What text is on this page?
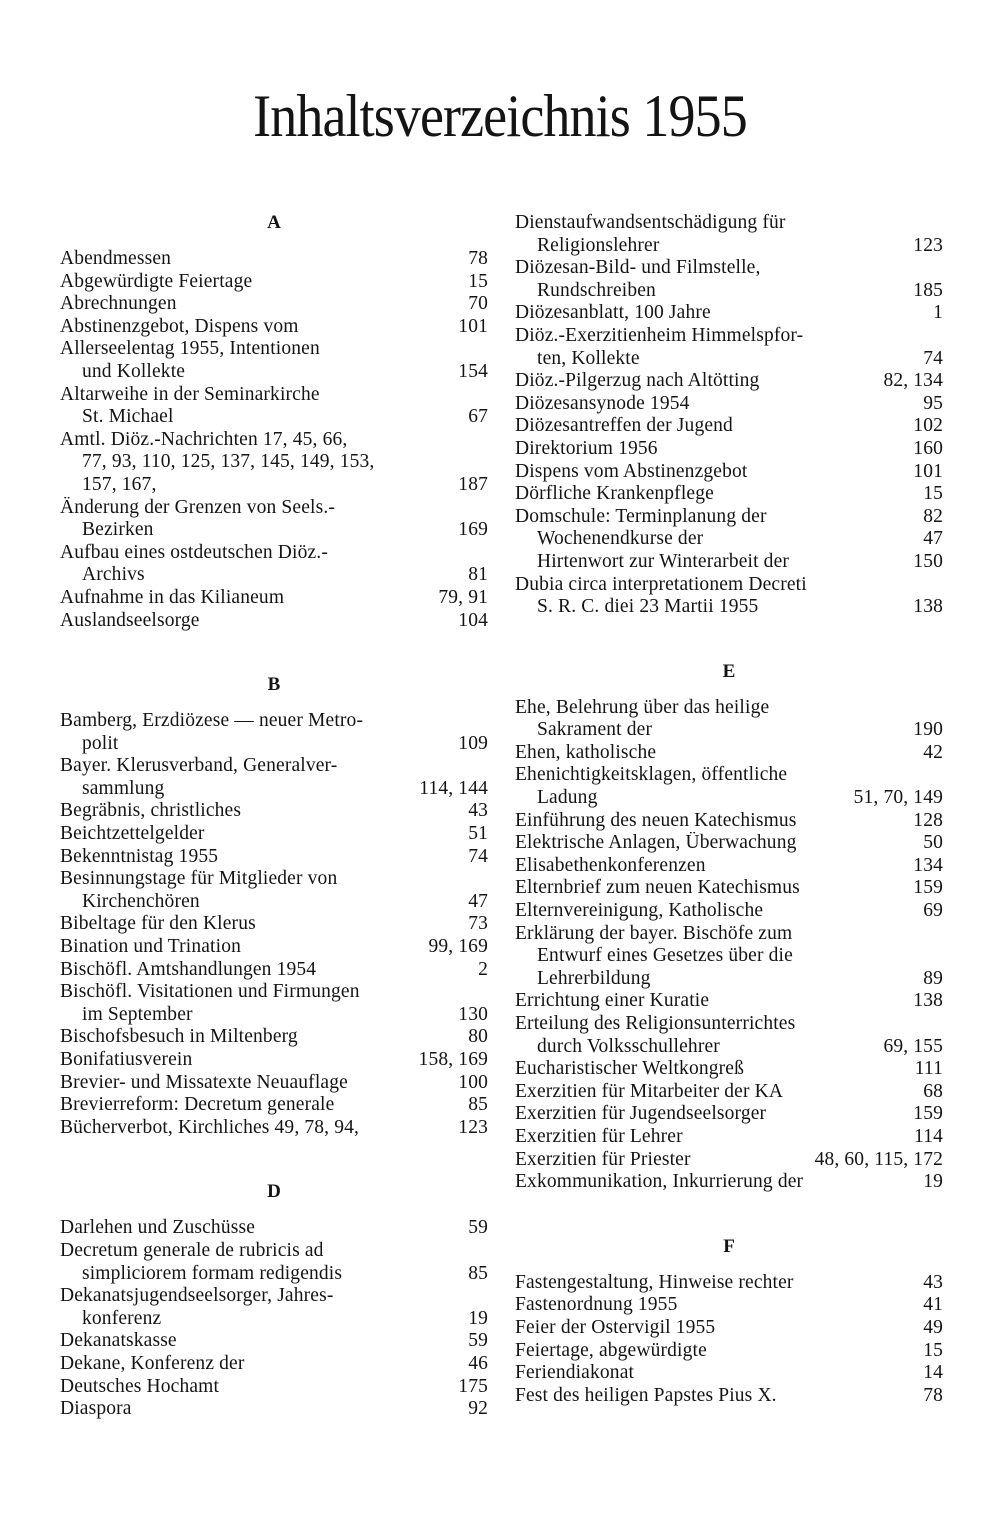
Inhaltsverzeichnis 1955
A
Abendmessen	78
Abgewürdigte Feiertage	15
Abrechnungen	70
Abstinenzgebot, Dispens vom	101
Allerseelentag 1955, Intentionen
und Kollekte	154
Altarweihe in der Seminarkirche
St. Michael	67
Amtl. Diöz.-Nachrichten 17, 45, 66,
77, 93, 110, 125, 137, 145, 149, 153,
157, 167,	187
Änderung der Grenzen von Seels.-
Bezirken	169
Aufbau eines ostdeutschen Diöz.-
Archivs	81
Aufnahme in das Kilianeum	79, 91
Auslandseelsorge	104
B
Bamberg, Erzdiözese — neuer Metro-
polit	109
Bayer. Klerusverband, Generalver-
sammlung	114, 144
Begräbnis, christliches	43
Beichtzettelgelder	51
Bekenntnistag 1955	74
Besinnungstage für Mitglieder von
Kirchenchören	47
Bibeltage für den Klerus	73
Bination und Trination	99, 169
Bischöfl. Amtshandlungen 1954	2
Bischöfl. Visitationen und Firmungen
im September	130
Bischofsbesuch in Miltenberg	80
Bonifatiusverein	158, 169
Brevier- und Missatexte Neuauflage	100
Brevierreform: Decretum generale	85
Bücherverbot, Kirchliches 49, 78, 94,	123
D
Darlehen und Zuschüsse	59
Decretum generale de rubricis ad
simpliciorem formam redigendis	85
Dekanatsjugendseelsorger, Jahres-
konferenz	19
Dekanatskasse	59
Dekane, Konferenz der	46
Deutsches Hochamt	175
Diaspora	92
Dienstaufwandsentschädigung für
Religionslehrer	123
Diözesan-Bild- und Filmstelle,
Rundschreiben	185
Diözesanblatt, 100 Jahre	1
Diöz.-Exerzitienheim Himmelspfor-
ten, Kollekte	74
Diöz.-Pilgerzug nach Altötting	82, 134
Diözesansynode 1954	95
Diözesantreffen der Jugend	102
Direktorium 1956	160
Dispens vom Abstinenzgebot	101
Dörfliche Krankenpflege	15
Domschule: Terminplanung der	82
Wochenendkurse der	47
Hirtenwort zur Winterarbeit der	150
Dubia circa interpretationem Decreti
S. R. C. diei 23 Martii 1955	138
E
Ehe, Belehrung über das heilige
Sakrament der	190
Ehen, katholische	42
Ehenichtigkeitsklagen, öffentliche
Ladung	51, 70, 149
Einführung des neuen Katechismus	128
Elektrische Anlagen, Überwachung	50
Elisabethenkonferenzen	134
Elternbrief zum neuen Katechismus	159
Elternvereinigung, Katholische	69
Erklärung der bayer. Bischöfe zum
Entwurf eines Gesetzes über die
Lehrerbildung	89
Errichtung einer Kuratie	138
Erteilung des Religionsunterrichtes
durch Volksschullehrer	69, 155
Eucharistischer Weltkongreß	111
Exerzitien für Mitarbeiter der KA	68
Exerzitien für Jugendseelsorger	159
Exerzitien für Lehrer	114
Exerzitien für Priester	48, 60, 115, 172
Exkommunikation, Inkurrierung der	19
F
Fastengestaltung, Hinweise rechter	43
Fastenordnung 1955	41
Feier der Ostervigil 1955	49
Feiertage, abgewürdigte	15
Feriendiakonat	14
Fest des heiligen Papstes Pius X.	78
